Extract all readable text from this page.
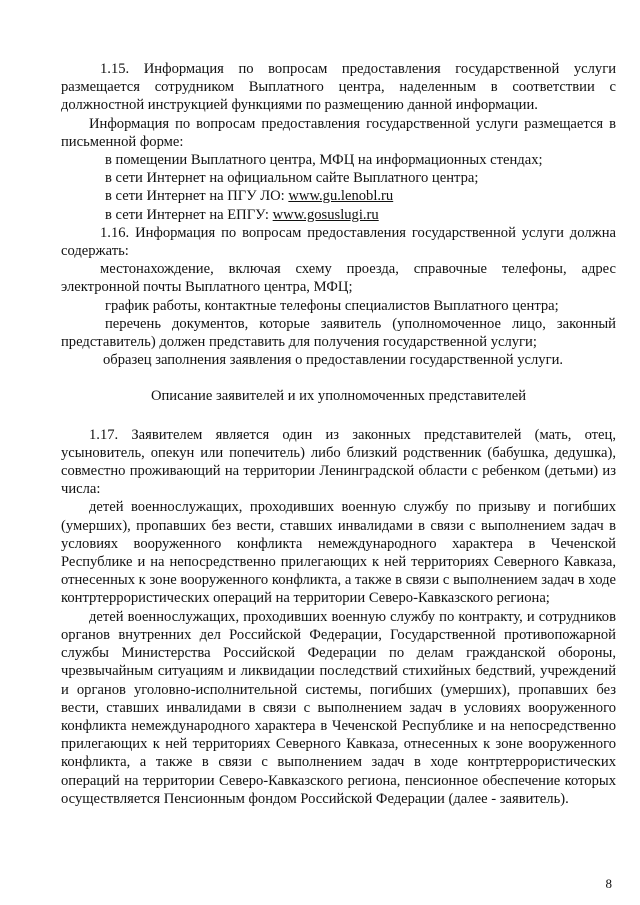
1.15. Информация по вопросам предоставления государственной услуги размещается сотрудником Выплатного центра, наделенным в соответствии с должностной инструкцией функциями по размещению данной информации.

Информация по вопросам предоставления государственной услуги размещается в письменной форме:

в помещении Выплатного центра, МФЦ на информационных стендах;

в сети Интернет на официальном сайте Выплатного центра;

в сети Интернет на ПГУ ЛО: www.gu.lenobl.ru

в сети Интернет на ЕПГУ: www.gosuslugi.ru

1.16. Информация по вопросам предоставления государственной услуги должна содержать:

местонахождение, включая схему проезда, справочные телефоны, адрес электронной почты Выплатного центра, МФЦ;

график работы, контактные телефоны специалистов Выплатного центра;

перечень документов, которые заявитель (уполномоченное лицо, законный представитель) должен представить для получения государственной услуги;

образец заполнения заявления о предоставлении государственной услуги.

Описание заявителей и их уполномоченных представителей

1.17. Заявителем является один из законных представителей (мать, отец, усыновитель, опекун или попечитель) либо близкий родственник (бабушка, дедушка), совместно проживающий на территории Ленинградской области с ребенком (детьми) из числа:

детей военнослужащих, проходивших военную службу по призыву и погибших (умерших), пропавших без вести, ставших инвалидами в связи с выполнением задач в условиях вооруженного конфликта немеждународного характера в Чеченской Республике и на непосредственно прилегающих к ней территориях Северного Кавказа, отнесенных к зоне вооруженного конфликта, а также в связи с выполнением задач в ходе контртеррористических операций на территории Северо-Кавказского региона;

детей военнослужащих, проходивших военную службу по контракту, и сотрудников органов внутренних дел Российской Федерации, Государственной противопожарной службы Министерства Российской Федерации по делам гражданской обороны, чрезвычайным ситуациям и ликвидации последствий стихийных бедствий, учреждений и органов уголовно-исполнительной системы, погибших (умерших), пропавших без вести, ставших инвалидами в связи с выполнением задач в условиях вооруженного конфликта немеждународного характера в Чеченской Республике и на непосредственно прилегающих к ней территориях Северного Кавказа, отнесенных к зоне вооруженного конфликта, а также в связи с выполнением задач в ходе контртеррористических операций на территории Северо-Кавказского региона, пенсионное обеспечение которых осуществляется Пенсионным фондом Российской Федерации (далее - заявитель).

8
